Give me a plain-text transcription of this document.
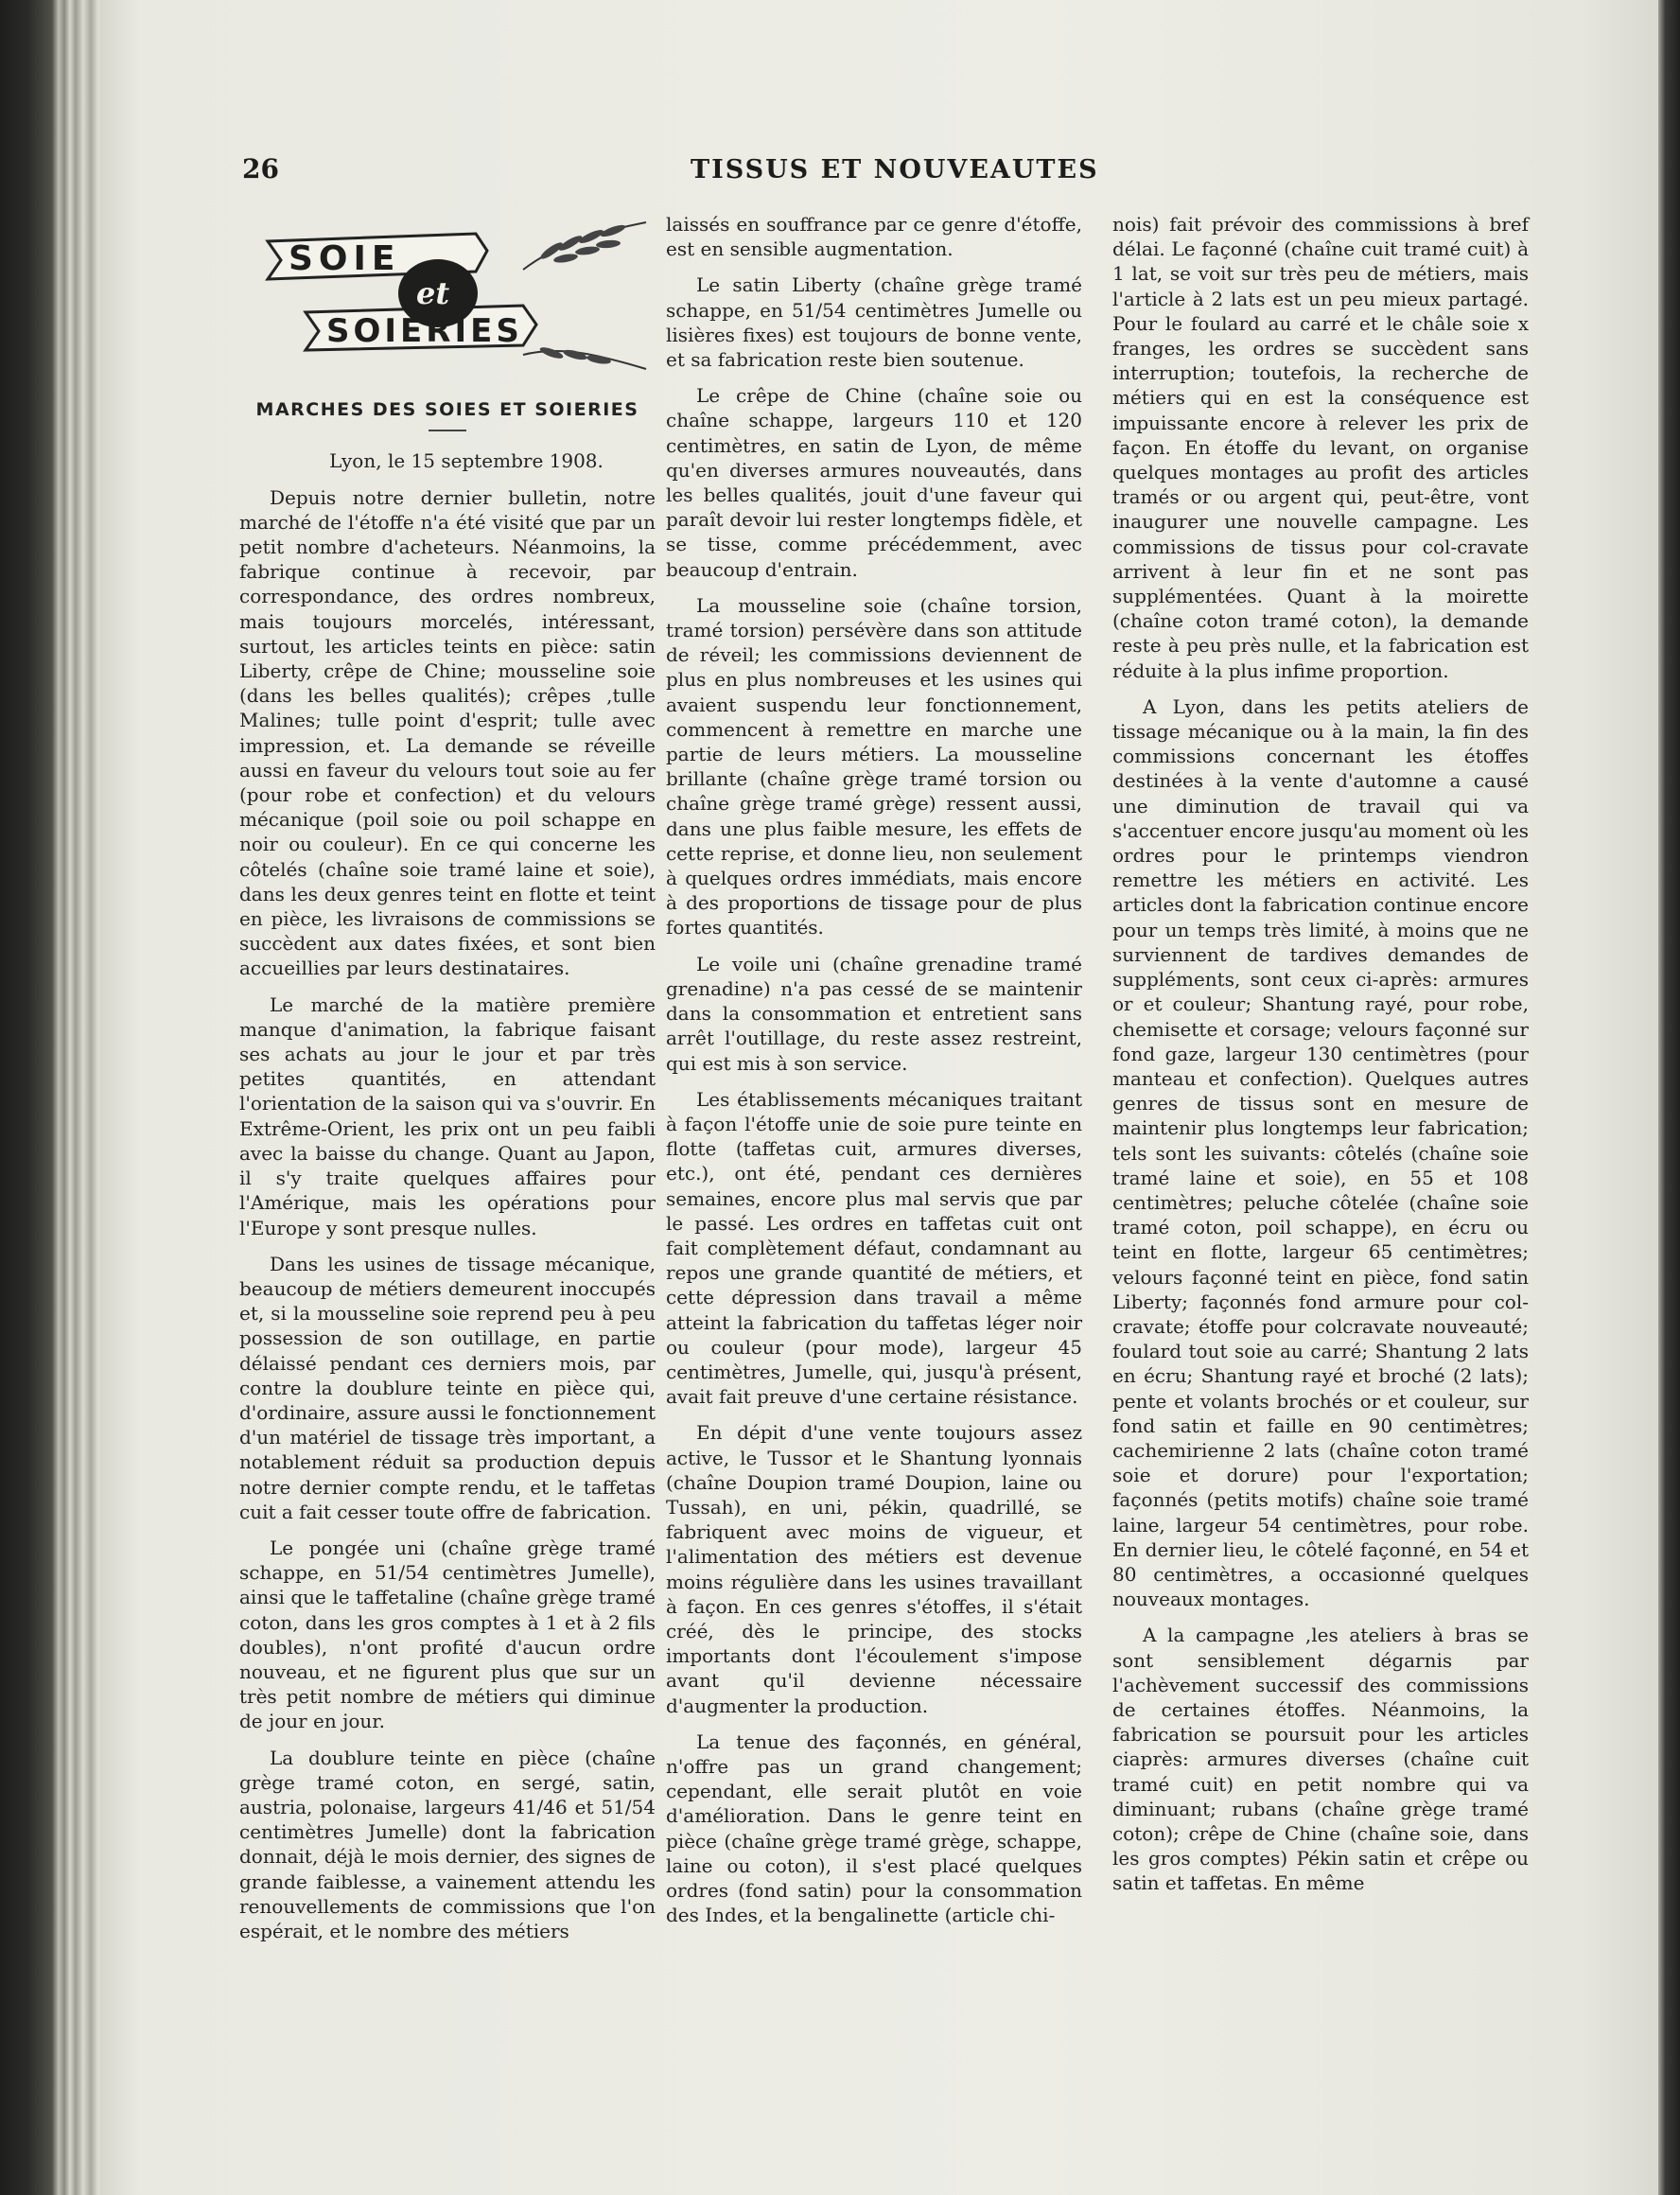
26	TISSUS ET NOUVEAUTES
SOIE
et
SOIERIES
MARCHES DES SOIES ET SOIERIES
Lyon, le 15 septembre 1908.

Depuis notre dernier bulletin, notre marché de l'étoffe n'a été visité que par un petit nombre d'acheteurs. Néanmoins, la fabrique continue à recevoir, par correspondance, des ordres nombreux, mais toujours morcelés, intéressant, surtout, les articles teints en pièce: satin Liberty, crêpe de Chine; mousseline soie (dans les belles qualités); crêpes ,tulle Malines; tulle point d'esprit; tulle avec impression, et. La demande se réveille aussi en faveur du velours tout soie au fer (pour robe et confection) et du velours mécanique (poil soie ou poil schappe en noir ou couleur). En ce qui concerne les côtelés (chaîne soie tramé laine et soie), dans les deux genres teint en flotte et teint en pièce, les livraisons de commissions se succèdent aux dates fixées, et sont bien accueillies par leurs destinataires.

Le marché de la matière première manque d'animation, la fabrique faisant ses achats au jour le jour et par très petites quantités, en attendant l'orientation de la saison qui va s'ouvrir. En Extrême-Orient, les prix ont un peu faibli avec la baisse du change. Quant au Japon, il s'y traite quelques affaires pour l'Amérique, mais les opérations pour l'Europe y sont presque nulles.

Dans les usines de tissage mécanique, beaucoup de métiers demeurent inoccupés et, si la mousseline soie reprend peu à peu possession de son outillage, en partie délaissé pendant ces derniers mois, par contre la doublure teinte en pièce qui, d'ordinaire, assure aussi le fonctionnement d'un matériel de tissage très important, a notablement réduit sa production depuis notre dernier compte rendu, et le taffetas cuit a fait cesser toute offre de fabrication.

Le pongée uni (chaîne grège tramé schappe, en 51/54 centimètres Jumelle), ainsi que le taffetaline (chaîne grège tramé coton, dans les gros comptes à 1 et à 2 fils doubles), n'ont profité d'aucun ordre nouveau, et ne figurent plus que sur un très petit nombre de métiers qui diminue de jour en jour.

La doublure teinte en pièce (chaîne grège tramé coton, en sergé, satin, austria, polonaise, largeurs 41/46 et 51/54 centimètres Jumelle) dont la fabrication donnait, déjà le mois dernier, des signes de grande faiblesse, a vainement attendu les renouvellements de commissions que l'on espérait, et le nombre des métiers

laissés en souffrance par ce genre d'étoffe, est en sensible augmentation.

Le satin Liberty (chaîne grège tramé schappe, en 51/54 centimètres Jumelle ou lisières fixes) est toujours de bonne vente, et sa fabrication reste bien soutenue.

Le crêpe de Chine (chaîne soie ou chaîne schappe, largeurs 110 et 120 centimètres, en satin de Lyon, de même qu'en diverses armures nouveautés, dans les belles qualités, jouit d'une faveur qui paraît devoir lui rester longtemps fidèle, et se tisse, comme précédemment, avec beaucoup d'entrain.

La mousseline soie (chaîne torsion, tramé torsion) persévère dans son attitude de réveil; les commissions deviennent de plus en plus nombreuses et les usines qui avaient suspendu leur fonctionnement, commencent à remettre en marche une partie de leurs métiers. La mousseline brillante (chaîne grège tramé torsion ou chaîne grège tramé grège) ressent aussi, dans une plus faible mesure, les effets de cette reprise, et donne lieu, non seulement à quelques ordres immédiats, mais encore à des proportions de tissage pour de plus fortes quantités.

Le voile uni (chaîne grenadine tramé grenadine) n'a pas cessé de se maintenir dans la consommation et entretient sans arrêt l'outillage, du reste assez restreint, qui est mis à son service.

Les établissements mécaniques traitant à façon l'étoffe unie de soie pure teinte en flotte (taffetas cuit, armures diverses, etc.), ont été, pendant ces dernières semaines, encore plus mal servis que par le passé. Les ordres en taffetas cuit ont fait complètement défaut, condamnant au repos une grande quantité de métiers, et cette dépression dans travail a même atteint la fabrication du taffetas léger noir ou couleur (pour mode), largeur 45 centimètres, Jumelle, qui, jusqu'à présent, avait fait preuve d'une certaine résistance.

En dépit d'une vente toujours assez active, le Tussor et le Shantung lyonnais (chaîne Doupion tramé Doupion, laine ou Tussah), en uni, pékin, quadrillé, se fabriquent avec moins de vigueur, et l'alimentation des métiers est devenue moins régulière dans les usines travaillant à façon. En ces genres s'étoffes, il s'était créé, dès le principe, des stocks importants dont l'écoulement s'impose avant qu'il devienne nécessaire d'augmenter la production.

La tenue des façonnés, en général, n'offre pas un grand changement; cependant, elle serait plutôt en voie d'amélioration. Dans le genre teint en pièce (chaîne grège tramé grège, schappe, laine ou coton), il s'est placé quelques ordres (fond satin) pour la consommation des Indes, et la bengalinette (article chi-

nois) fait prévoir des commissions à bref délai. Le façonné (chaîne cuit tramé cuit) à 1 lat, se voit sur très peu de métiers, mais l'article à 2 lats est un peu mieux partagé. Pour le foulard au carré et le châle soie x franges, les ordres se succèdent sans interruption; toutefois, la recherche de métiers qui en est la conséquence est impuissante encore à relever les prix de façon. En étoffe du levant, on organise quelques montages au profit des articles tramés or ou argent qui, peut-être, vont inaugurer une nouvelle campagne. Les commissions de tissus pour col-cravate arrivent à leur fin et ne sont pas supplémentées. Quant à la moirette (chaîne coton tramé coton), la demande reste à peu près nulle, et la fabrication est réduite à la plus infime proportion.

A Lyon, dans les petits ateliers de tissage mécanique ou à la main, la fin des commissions concernant les étoffes destinées à la vente d'automne a causé une diminution de travail qui va s'accentuer encore jusqu'au moment où les ordres pour le printemps viendron remettre les métiers en activité. Les articles dont la fabrication continue encore pour un temps très limité, à moins que ne surviennent de tardives demandes de suppléments, sont ceux ci-après: armures or et couleur; Shantung rayé, pour robe, chemisette et corsage; velours façonné sur fond gaze, largeur 130 centimètres (pour manteau et confection). Quelques autres genres de tissus sont en mesure de maintenir plus longtemps leur fabrication; tels sont les suivants: côtelés (chaîne soie tramé laine et soie), en 55 et 108 centimètres; peluche côtelée (chaîne soie tramé coton, poil schappe), en écru ou teint en flotte, largeur 65 centimètres; velours façonné teint en pièce, fond satin Liberty; façonnés fond armure pour col-cravate; étoffe pour colcravate nouveauté; foulard tout soie au carré; Shantung 2 lats en écru; Shantung rayé et broché (2 lats); pente et volants brochés or et couleur, sur fond satin et faille en 90 centimètres; cachemirienne 2 lats (chaîne coton tramé soie et dorure) pour l'exportation; façonnés (petits motifs) chaîne soie tramé laine, largeur 54 centimètres, pour robe. En dernier lieu, le côtelé façonné, en 54 et 80 centimètres, a occasionné quelques nouveaux montages.

A la campagne ,les ateliers à bras se sont sensiblement dégarnis par l'achèvement successif des commissions de certaines étoffes. Néanmoins, la fabrication se poursuit pour les articles ciaprès: armures diverses (chaîne cuit tramé cuit) en petit nombre qui va diminuant; rubans (chaîne grège tramé coton); crêpe de Chine (chaîne soie, dans les gros comptes) Pékin satin et crêpe ou satin et taffetas. En même
